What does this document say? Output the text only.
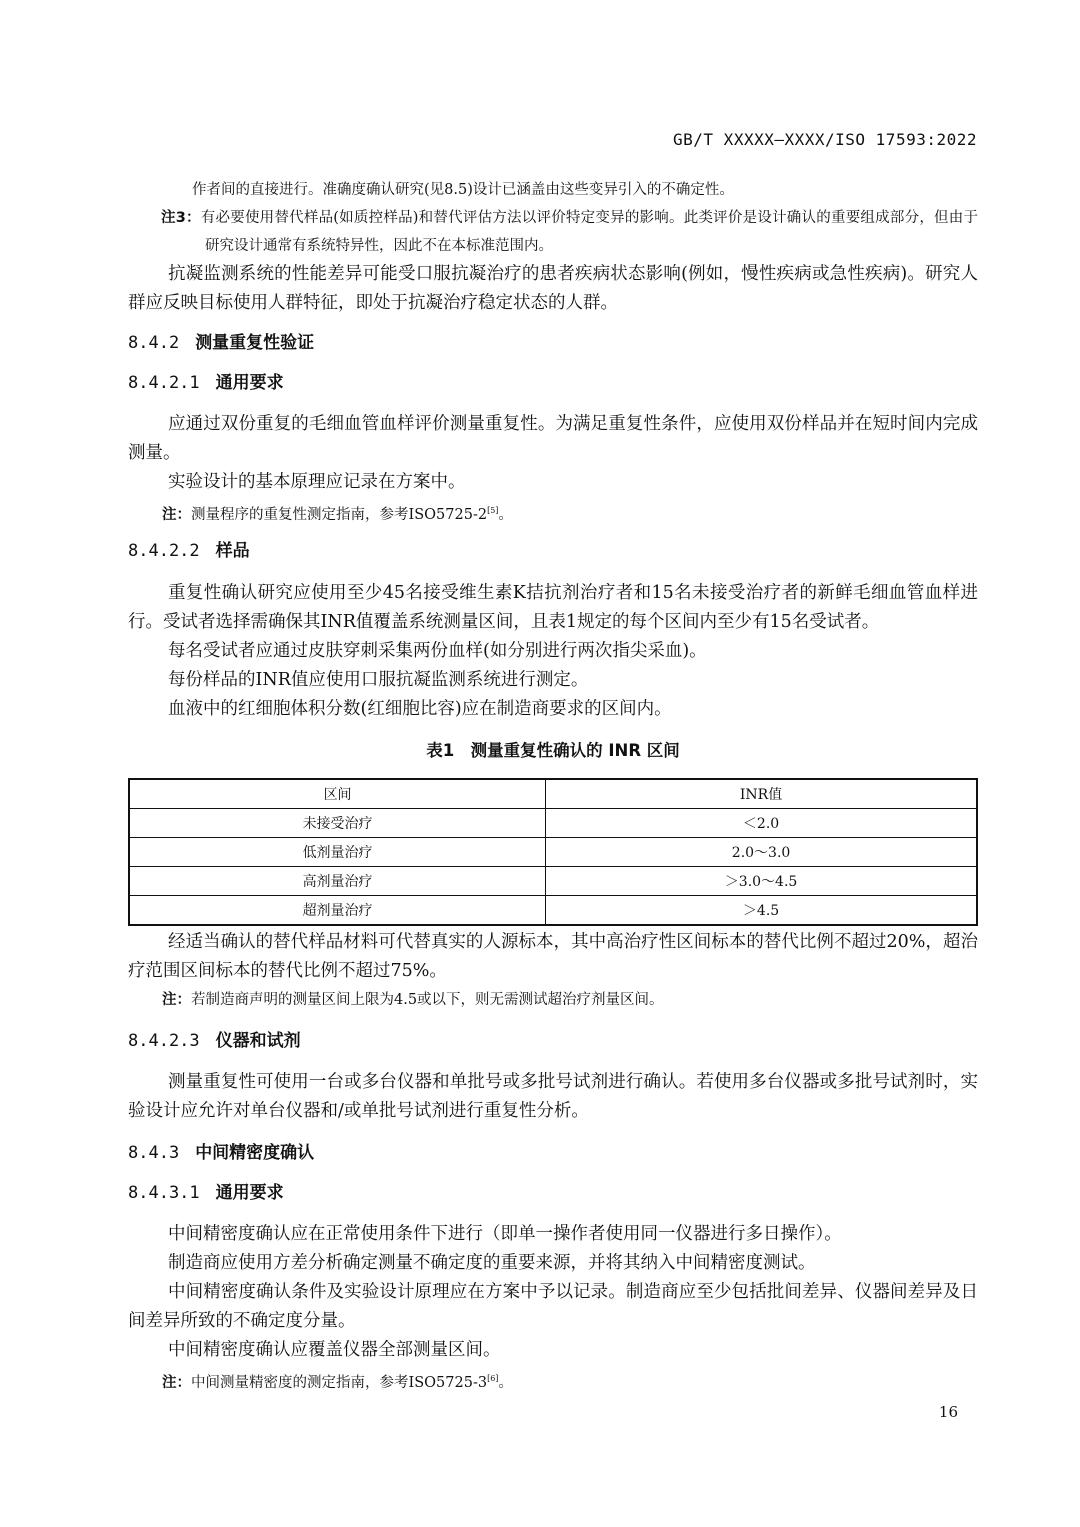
GB/T XXXXX—XXXX/ISO 17593:2022

作者间的直接进行。准确度确认研究(见8.5)设计已涵盖由这些变异引入的不确定性。

注3：有必要使用替代样品(如质控样品)和替代评估方法以评价特定变异的影响。此类评价是设计确认的重要组成部分，但由于研究设计通常有系统特异性，因此不在本标准范围内。

抗凝监测系统的性能差异可能受口服抗凝治疗的患者疾病状态影响(例如，慢性疾病或急性疾病)。研究人群应反映目标使用人群特征，即处于抗凝治疗稳定状态的人群。

8.4.2 测量重复性验证
8.4.2.1 通用要求

应通过双份重复的毛细血管血样评价测量重复性。为满足重复性条件，应使用双份样品并在短时间内完成测量。

实验设计的基本原理应记录在方案中。

注：测量程序的重复性测定指南，参考ISO5725-2[5]。

8.4.2.2 样品

重复性确认研究应使用至少45名接受维生素K拮抗剂治疗者和15名未接受治疗者的新鲜毛细血管血样进行。受试者选择需确保其INR值覆盖系统测量区间，且表1规定的每个区间内至少有15名受试者。

每名受试者应通过皮肤穿刺采集两份血样(如分别进行两次指尖采血)。

每份样品的INR值应使用口服抗凝监测系统进行测定。

血液中的红细胞体积分数(红细胞比容)应在制造商要求的区间内。

表1　测量重复性确认的 INR 区间

区间	INR值
未接受治疗	＜2.0
低剂量治疗	2.0～3.0
高剂量治疗	＞3.0～4.5
超剂量治疗	＞4.5

经适当确认的替代样品材料可代替真实的人源标本，其中高治疗性区间标本的替代比例不超过20%，超治疗范围区间标本的替代比例不超过75%。

注：若制造商声明的测量区间上限为4.5或以下，则无需测试超治疗剂量区间。

8.4.2.3 仪器和试剂

测量重复性可使用一台或多台仪器和单批号或多批号试剂进行确认。若使用多台仪器或多批号试剂时，实验设计应允许对单台仪器和/或单批号试剂进行重复性分析。

8.4.3 中间精密度确认
8.4.3.1 通用要求

中间精密度确认应在正常使用条件下进行（即单一操作者使用同一仪器进行多日操作）。

制造商应使用方差分析确定测量不确定度的重要来源，并将其纳入中间精密度测试。

中间精密度确认条件及实验设计原理应在方案中予以记录。制造商应至少包括批间差异、仪器间差异及日间差异所致的不确定度分量。

中间精密度确认应覆盖仪器全部测量区间。

注：中间测量精密度的测定指南，参考ISO5725-3[6]。

16
